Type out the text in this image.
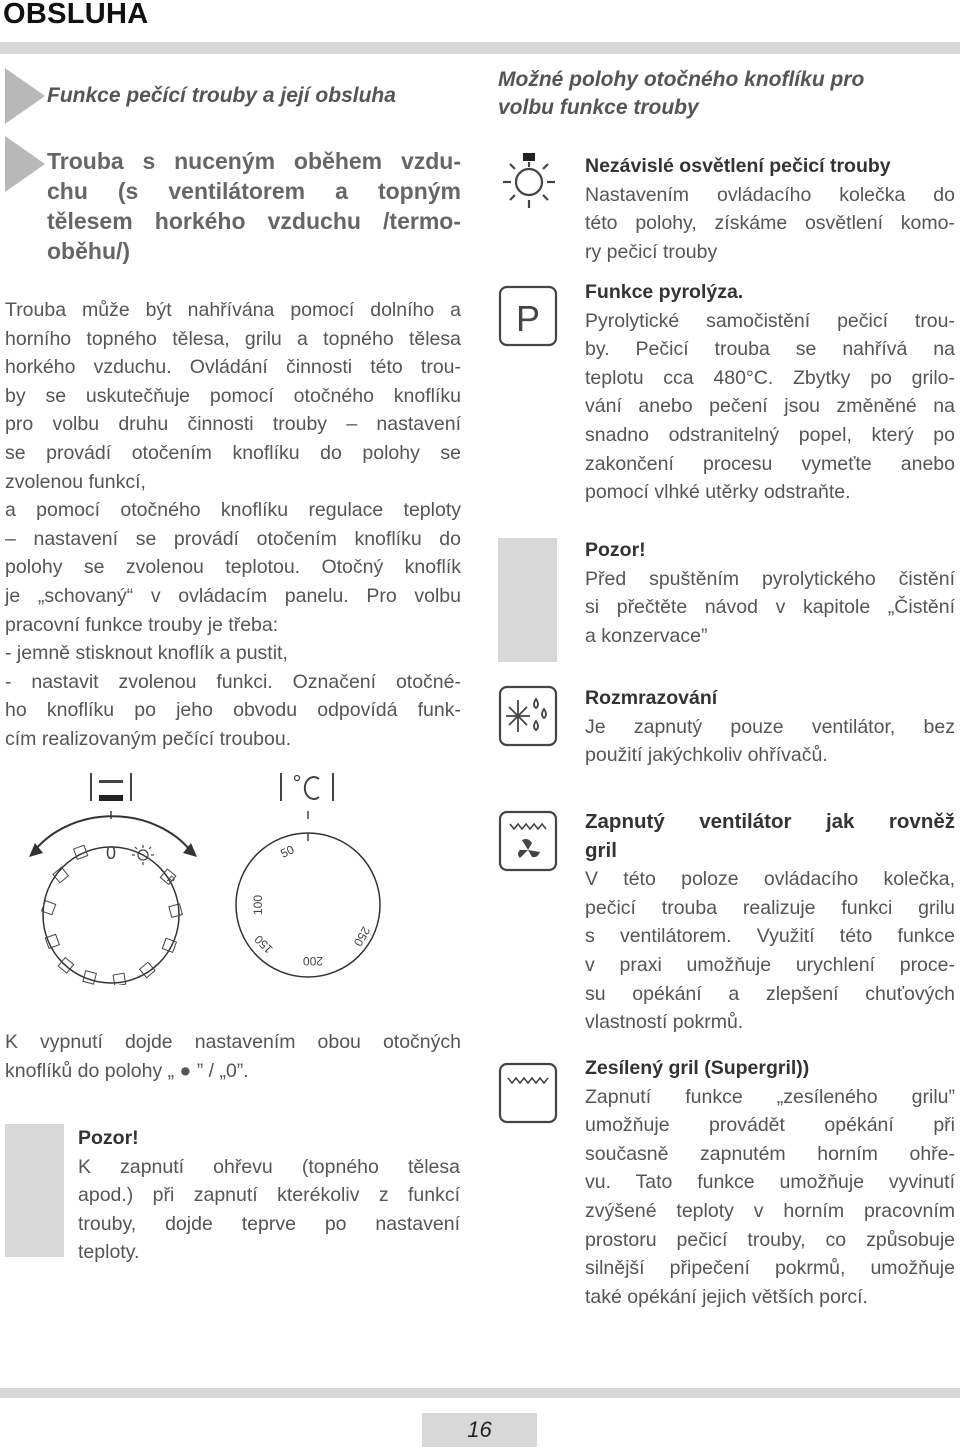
OBSLUHA
Funkce pečící trouby a její obsluha
Trouba s nuceným oběhem vzdu-
chu (s ventilátorem a topným
tělesem horkého vzduchu /termo-
oběhu/)
Trouba může být nahřívána pomocí dolního a
horního topného tělesa, grilu a topného tělesa
horkého vzduchu. Ovládání činnosti této trou-
by se uskutečňuje pomocí otočného knoflíku
pro volbu druhu činnosti trouby – nastavení
se provádí otočením knoflíku do polohy se
zvolenou funkcí,
a pomocí otočného knoflíku regulace teploty
– nastavení se provádí otočením knoflíku do
polohy se zvolenou teplotou. Otočný knoflík
je „schovaný“ v ovládacím panelu. Pro volbu
pracovní funkce trouby je třeba:
- jemně stisknout knoflík a pustit,
- nastavit zvolenou funkci. Označení otočné-
ho knoflíku po jeho obvodu odpovídá funk-
cím realizovaným pečící troubou.
0
P
50
100
150
200
250
K vypnutí dojde nastavením obou otočných
knoflíků do polohy „ ● ” / „0”.
Pozor!
K zapnutí ohřevu (topného tělesa
apod.) při zapnutí kterékoliv z funkcí
trouby, dojde teprve po nastavení
teploty.
Možné polohy otočného knoflíku pro
volbu funkce trouby
Nezávislé osvětlení pečicí trouby
Nastavením ovládacího kolečka do
této polohy, získáme osvětlení komo-
ry pečicí trouby
P
Funkce pyrolýza.
Pyrolytické samočistění pečicí trou-
by. Pečicí trouba se nahřívá na
teplotu cca 480°C. Zbytky po grilo-
vání anebo pečení jsou změněné na
snadno odstranitelný popel, který po
zakončení procesu vymeťte anebo
pomocí vlhké utěrky odstraňte.
Pozor!
Před spuštěním pyrolytického čistění
si přečtěte návod v kapitole „Čistění
a konzervace”
Rozmrazování
Je zapnutý pouze ventilátor, bez
použití jakýchkoliv ohřívačů.
Zapnutý ventilátor jak rovněž
gril
V této poloze ovládacího kolečka,
pečicí trouba realizuje funkci grilu
s ventilátorem. Využití této funkce
v praxi umožňuje urychlení proce-
su opékání a zlepšení chuťových
vlastností pokrmů.
Zesílený gril (Supergril))
Zapnutí funkce „zesíleného grilu”
umožňuje provádět opékání při
současně zapnutém horním ohře-
vu. Tato funkce umožňuje vyvinutí
zvýšené teploty v horním pracovním
prostoru pečicí trouby, co způsobuje
silnější připečení pokrmů, umožňuje
také opékání jejich větších porcí.
16
